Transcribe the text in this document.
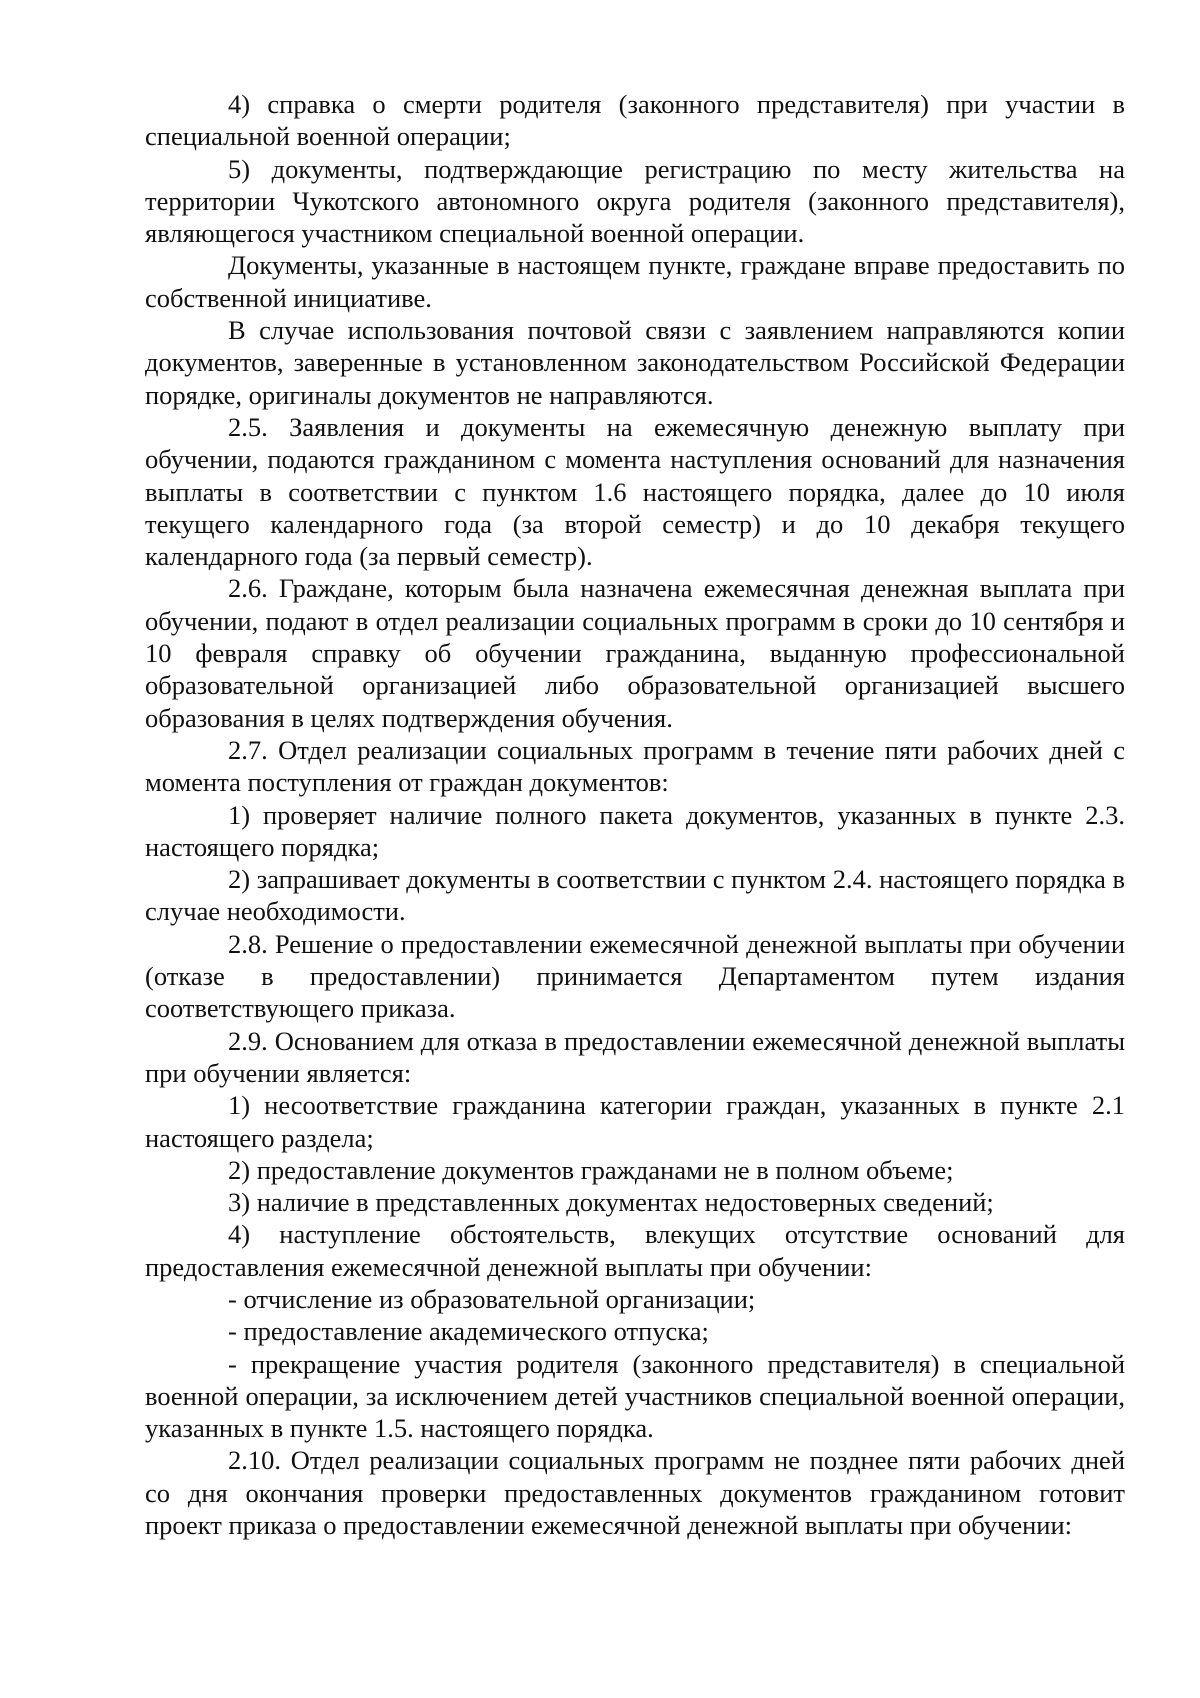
4) справка о смерти родителя (законного представителя) при участии в специальной военной операции;

5) документы, подтверждающие регистрацию по месту жительства на территории Чукотского автономного округа родителя (законного представителя), являющегося участником специальной военной операции.

Документы, указанные в настоящем пункте, граждане вправе предоставить по собственной инициативе.

В случае использования почтовой связи с заявлением направляются копии документов, заверенные в установленном законодательством Российской Федерации порядке, оригиналы документов не направляются.

2.5. Заявления и документы на ежемесячную денежную выплату при обучении, подаются гражданином с момента наступления оснований для назначения выплаты в соответствии с пунктом 1.6 настоящего порядка, далее до 10 июля текущего календарного года (за второй семестр) и до 10 декабря текущего календарного года (за первый семестр).

2.6. Граждане, которым была назначена ежемесячная денежная выплата при обучении, подают в отдел реализации социальных программ в сроки до 10 сентября и 10 февраля справку об обучении гражданина, выданную профессиональной образовательной организацией либо образовательной организацией высшего образования в целях подтверждения обучения.

2.7. Отдел реализации социальных программ в течение пяти рабочих дней с момента поступления от граждан документов:

1) проверяет наличие полного пакета документов, указанных в пункте 2.3. настоящего порядка;

2) запрашивает документы в соответствии с пунктом 2.4. настоящего порядка в случае необходимости.

2.8. Решение о предоставлении ежемесячной денежной выплаты при обучении (отказе в предоставлении) принимается Департаментом путем издания соответствующего приказа.

2.9. Основанием для отказа в предоставлении ежемесячной денежной выплаты при обучении является:

1) несоответствие гражданина категории граждан, указанных в пункте 2.1 настоящего раздела;

2) предоставление документов гражданами не в полном объеме;

3) наличие в представленных документах недостоверных сведений;

4) наступление обстоятельств, влекущих отсутствие оснований для предоставления ежемесячной денежной выплаты при обучении:

- отчисление из образовательной организации;

- предоставление академического отпуска;

- прекращение участия родителя (законного представителя) в специальной военной операции, за исключением детей участников специальной военной операции, указанных в пункте 1.5. настоящего порядка.

2.10. Отдел реализации социальных программ не позднее пяти рабочих дней со дня окончания проверки предоставленных документов гражданином готовит проект приказа о предоставлении ежемесячной денежной выплаты при обучении:
